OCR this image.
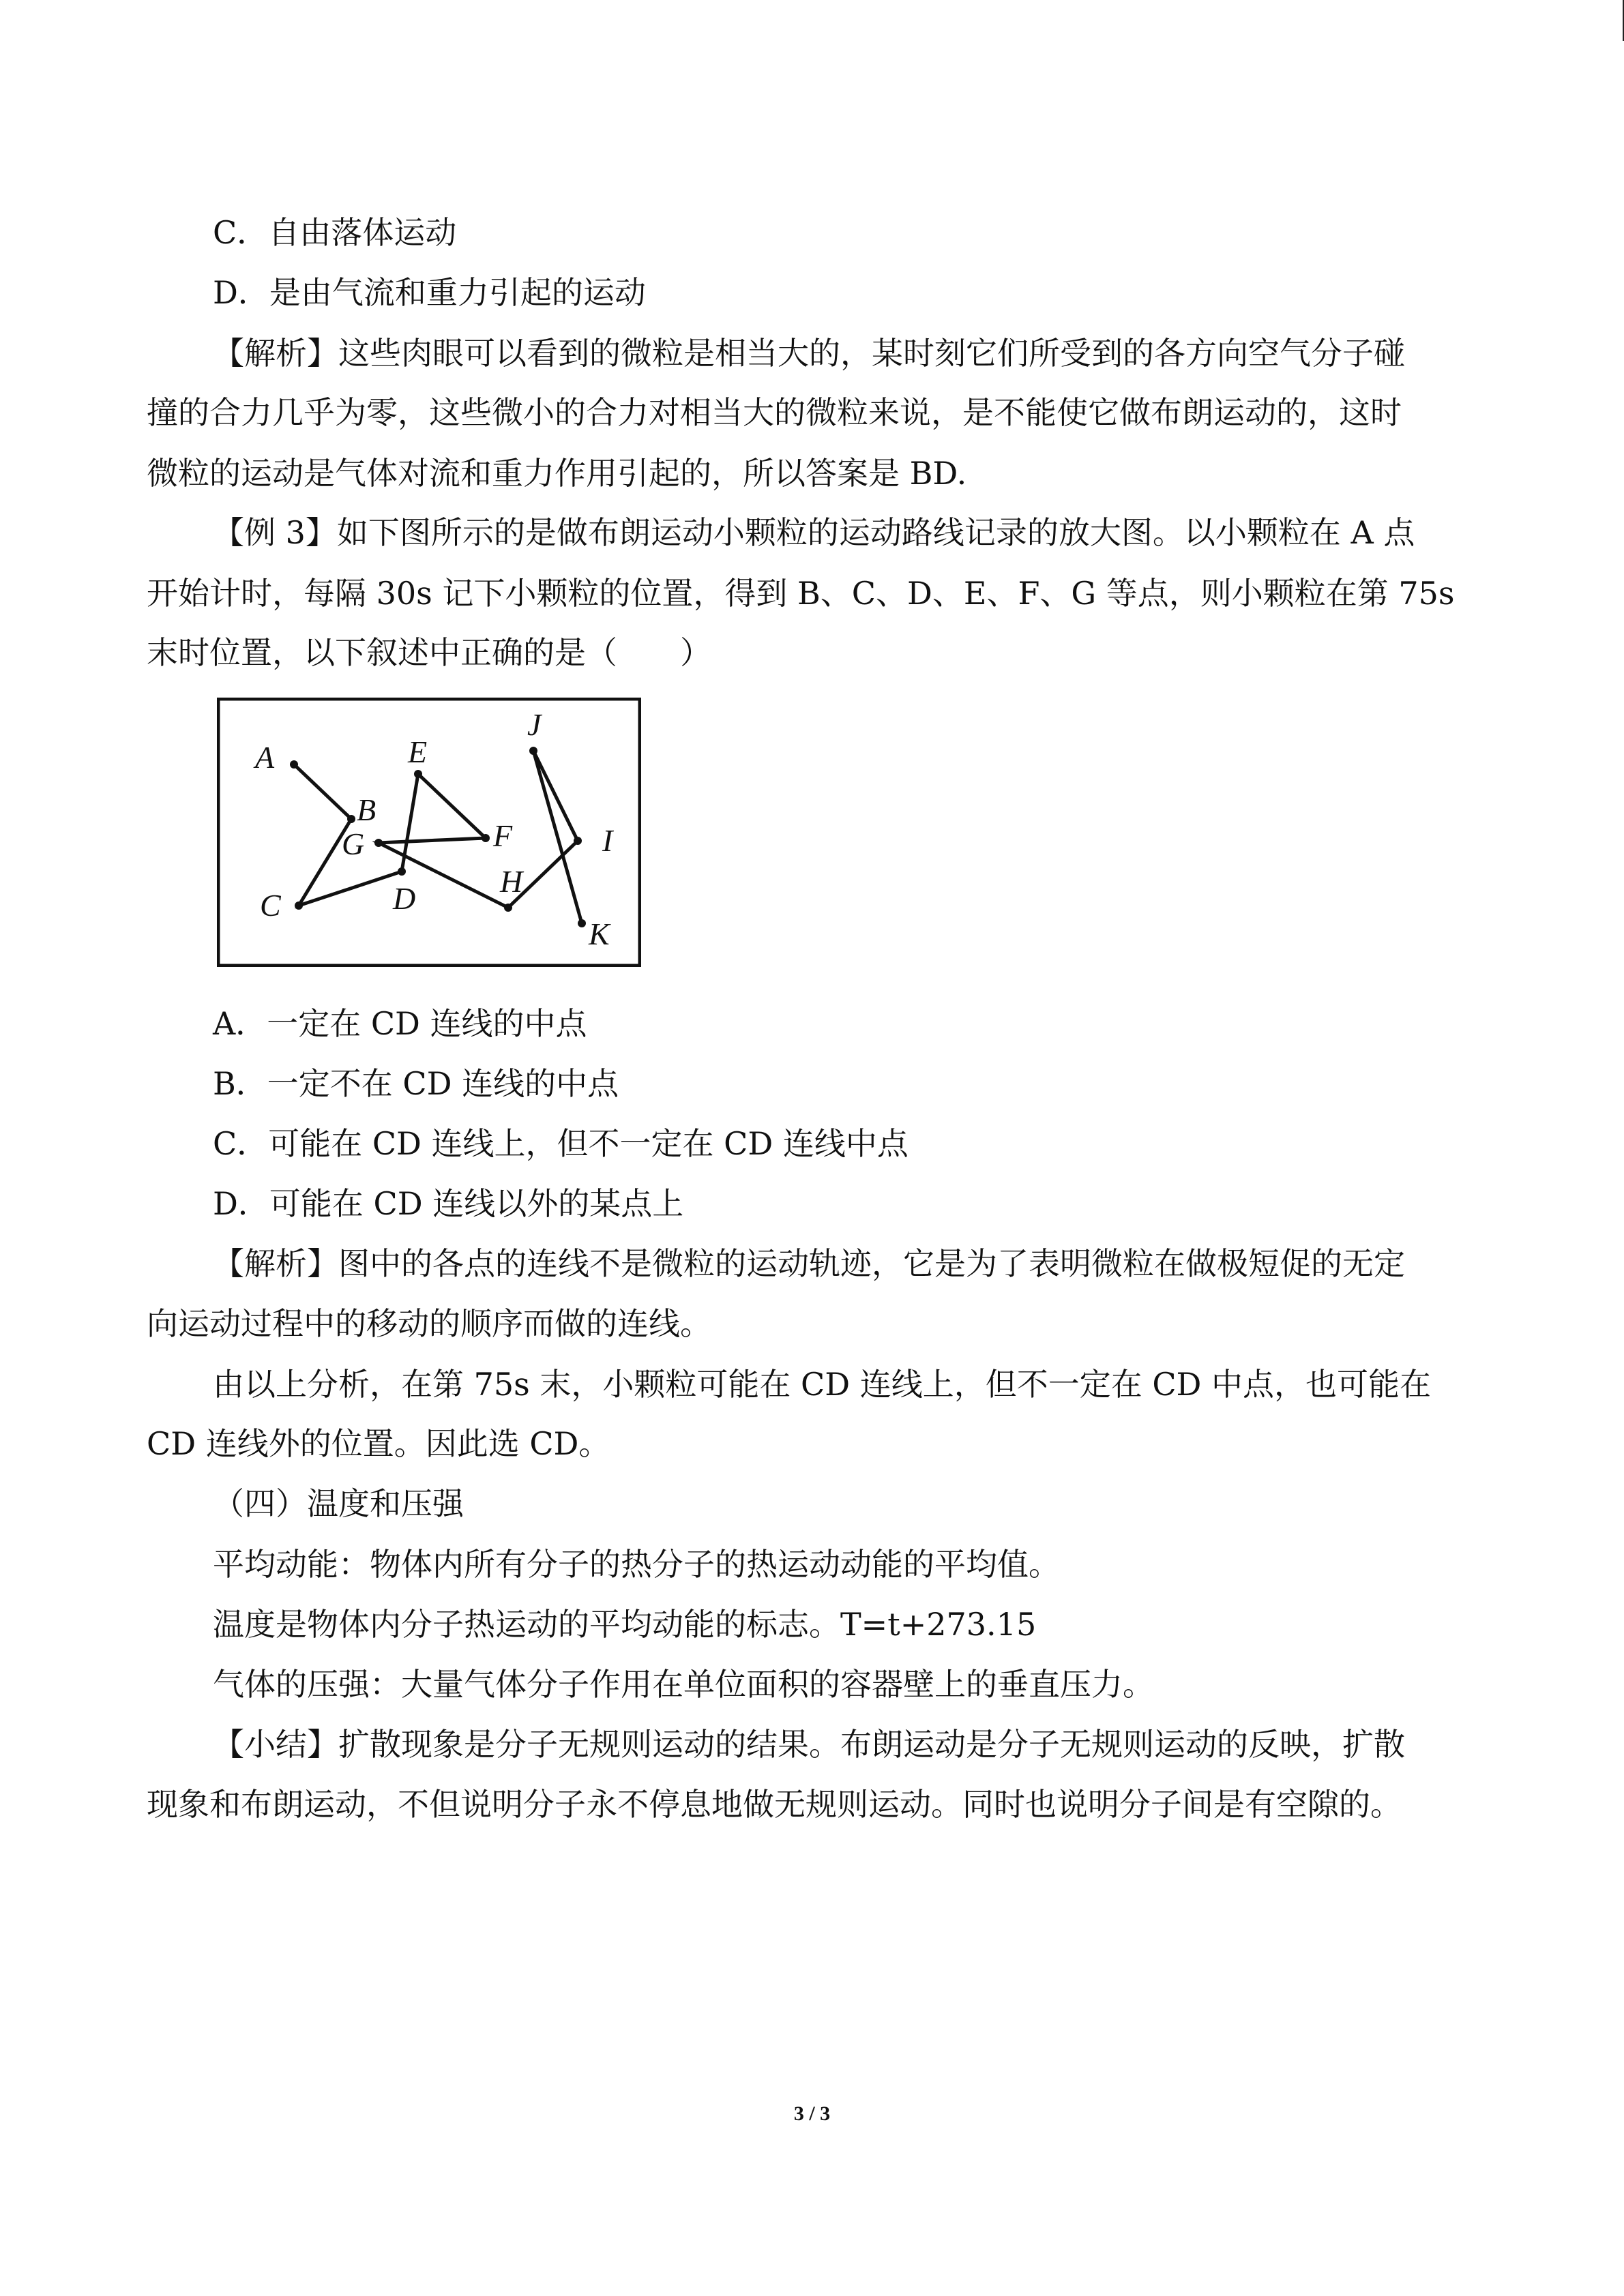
C．自由落体运动
D．是由气流和重力引起的运动
【解析】这些肉眼可以看到的微粒是相当大的，某时刻它们所受到的各方向空气分子碰
撞的合力几乎为零，这些微小的合力对相当大的微粒来说，是不能使它做布朗运动的，这时
微粒的运动是气体对流和重力作用引起的，所以答案是 BD.
【例 3】如下图所示的是做布朗运动小颗粒的运动路线记录的放大图。以小颗粒在 A 点
开始计时，每隔 30s 记下小颗粒的位置，得到 B、C、D、E、F、G 等点，则小颗粒在第 75s
末时位置，以下叙述中正确的是（　　）
A
B
C	D
E
F
G
H
I
J
K
A．一定在 CD 连线的中点
B．一定不在 CD 连线的中点
C．可能在 CD 连线上，但不一定在 CD 连线中点
D．可能在 CD 连线以外的某点上
【解析】图中的各点的连线不是微粒的运动轨迹，它是为了表明微粒在做极短促的无定
向运动过程中的移动的顺序而做的连线。
由以上分析，在第 75s 末，小颗粒可能在 CD 连线上，但不一定在 CD 中点，也可能在
CD 连线外的位置。因此选 CD。
（四）温度和压强
平均动能：物体内所有分子的热分子的热运动动能的平均值。
温度是物体内分子热运动的平均动能的标志。T=t+273.15
气体的压强：大量气体分子作用在单位面积的容器壁上的垂直压力。
【小结】扩散现象是分子无规则运动的结果。布朗运动是分子无规则运动的反映，扩散
现象和布朗运动，不但说明分子永不停息地做无规则运动。同时也说明分子间是有空隙的。
3 / 3
